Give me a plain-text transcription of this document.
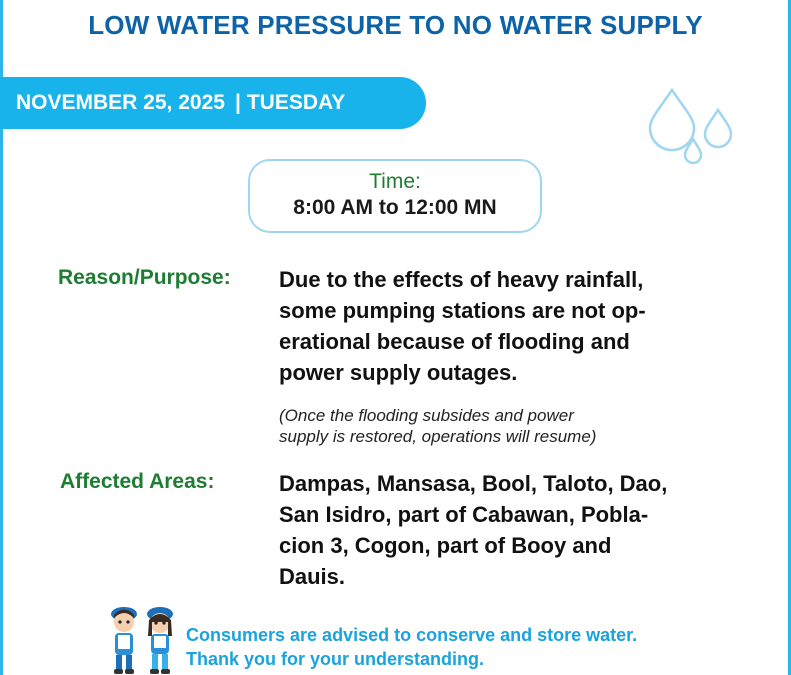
LOW WATER PRESSURE TO NO WATER SUPPLY
NOVEMBER 25, 2025 | TUESDAY
Time:
8:00 AM to 12:00 MN
Reason/Purpose: Due to the effects of heavy rainfall,
some pumping stations are not op-
erational because of flooding and
power supply outages.
(Once the flooding subsides and power
supply is restored, operations will resume)
Affected Areas:	Dampas, Mansasa, Bool, Taloto, Dao,
San Isidro, part of Cabawan, Pobla-
cion 3, Cogon, part of Booy and
Dauis.
Consumers are advised to conserve and store water.
Thank you for your understanding.
